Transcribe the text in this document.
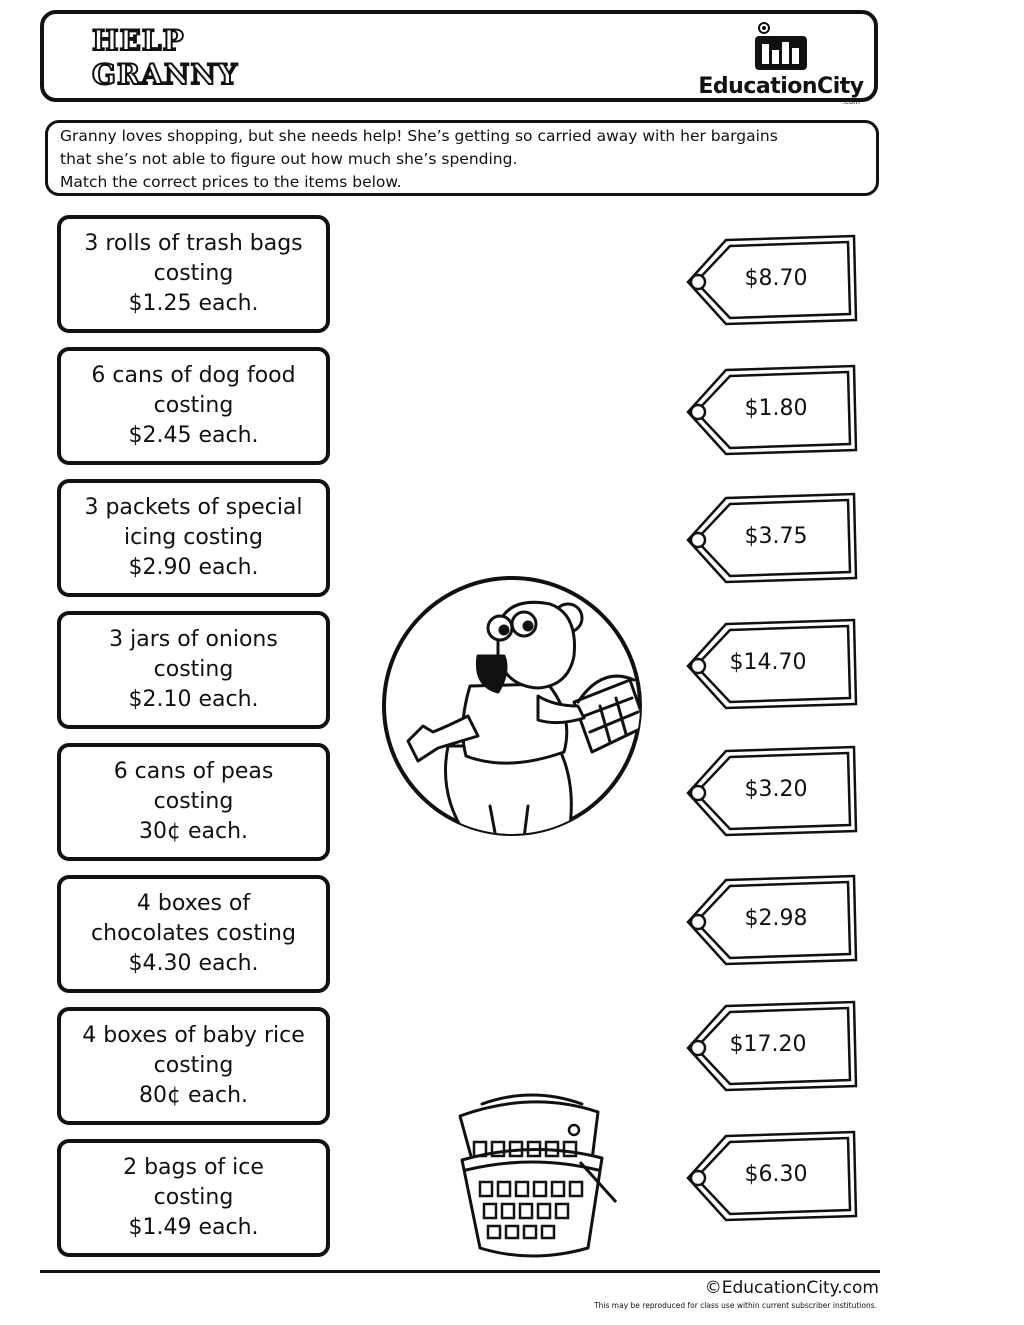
HELP
GRANNY	EducationCity
.com
Granny loves shopping, but she needs help! She’s getting so carried away with her bargains
that she’s not able to figure out how much she’s spending.
Match the correct prices to the items below.
3 rolls of trash bags
costing
$1.25 each.
6 cans of dog food
costing
$2.45 each.
3 packets of special
icing costing
$2.90 each.
3 jars of onions
costing
$2.10 each.
6 cans of peas
costing
30¢ each.
4 boxes of
chocolates costing
$4.30 each.
4 boxes of baby rice
costing
80¢ each.
2 bags of ice
costing
$1.49 each.
$8.70
$1.80
$3.75
$14.70
$3.20
$2.98
$17.20
$6.30
©EducationCity.com
This may be reproduced for class use within current subscriber institutions.
